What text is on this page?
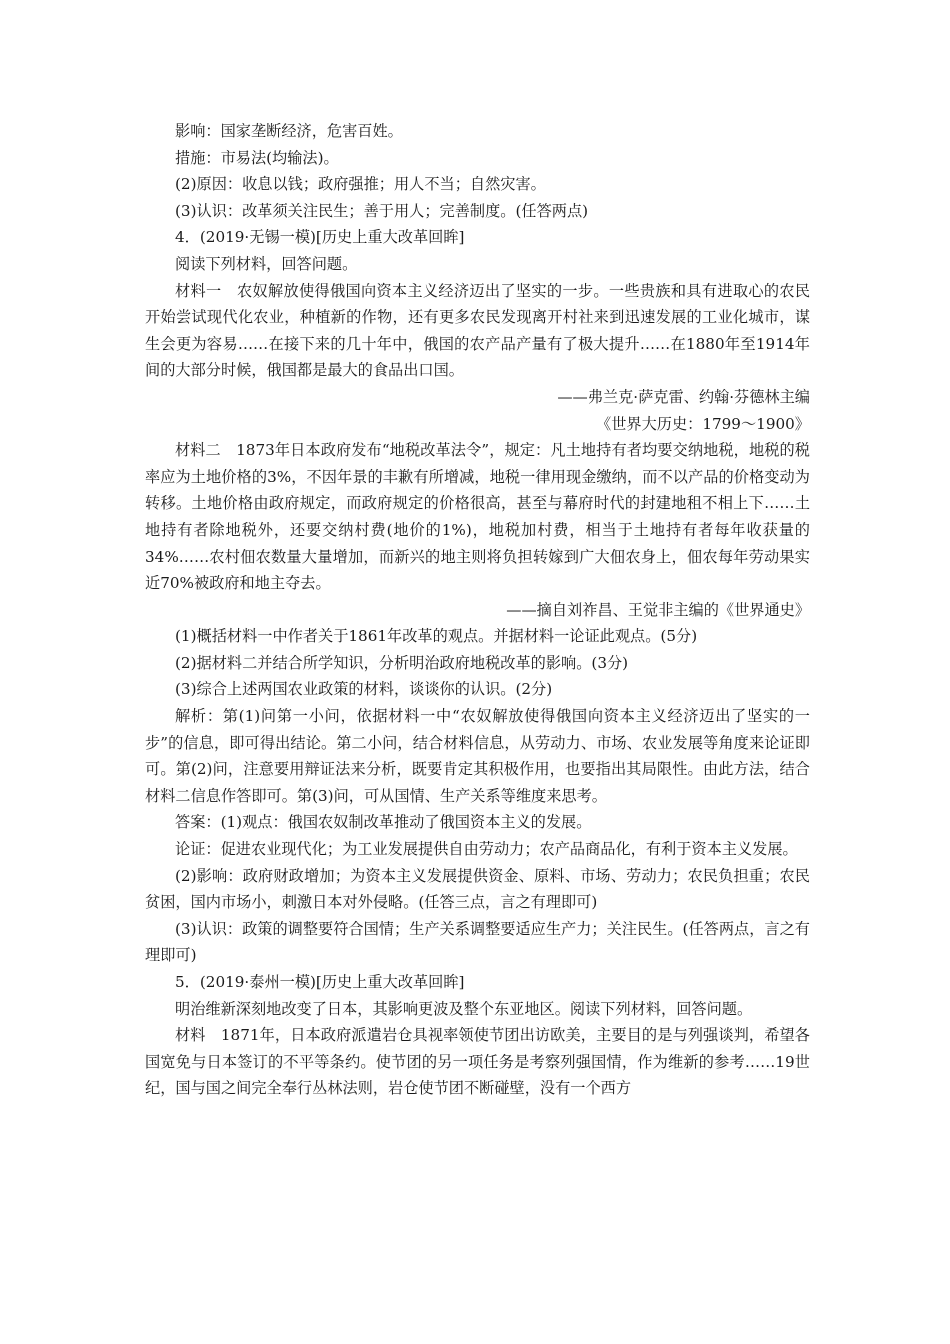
影响：国家垄断经济，危害百姓。

措施：市易法(均输法)。

(2)原因：收息以钱；政府强推；用人不当；自然灾害。

(3)认识：改革须关注民生；善于用人；完善制度。(任答两点)

4．(2019·无锡一模)[历史上重大改革回眸]

阅读下列材料，回答问题。

材料一　农奴解放使得俄国向资本主义经济迈出了坚实的一步。一些贵族和具有进取心的农民开始尝试现代化农业，种植新的作物，还有更多农民发现离开村社来到迅速发展的工业化城市，谋生会更为容易……在接下来的几十年中，俄国的农产品产量有了极大提升……在1880年至1914年间的大部分时候，俄国都是最大的食品出口国。

——弗兰克·萨克雷、约翰·芬德林主编

《世界大历史：1799～1900》

材料二　1873年日本政府发布“地税改革法令”，规定：凡土地持有者均要交纳地税，地税的税率应为土地价格的3%，不因年景的丰歉有所增减，地税一律用现金缴纳，而不以产品的价格变动为转移。土地价格由政府规定，而政府规定的价格很高，甚至与幕府时代的封建地租不相上下……土地持有者除地税外，还要交纳村费(地价的1%)，地税加村费，相当于土地持有者每年收获量的34%……农村佃农数量大量增加，而新兴的地主则将负担转嫁到广大佃农身上，佃农每年劳动果实近70%被政府和地主夺去。

——摘自刘祚昌、王觉非主编的《世界通史》

(1)概括材料一中作者关于1861年改革的观点。并据材料一论证此观点。(5分)

(2)据材料二并结合所学知识，分析明治政府地税改革的影响。(3分)

(3)综合上述两国农业政策的材料，谈谈你的认识。(2分)

解析：第(1)问第一小问，依据材料一中“农奴解放使得俄国向资本主义经济迈出了坚实的一步”的信息，即可得出结论。第二小问，结合材料信息，从劳动力、市场、农业发展等角度来论证即可。第(2)问，注意要用辩证法来分析，既要肯定其积极作用，也要指出其局限性。由此方法，结合材料二信息作答即可。第(3)问，可从国情、生产关系等维度来思考。

答案：(1)观点：俄国农奴制改革推动了俄国资本主义的发展。

论证：促进农业现代化；为工业发展提供自由劳动力；农产品商品化，有利于资本主义发展。

(2)影响：政府财政增加；为资本主义发展提供资金、原料、市场、劳动力；农民负担重；农民贫困，国内市场小，刺激日本对外侵略。(任答三点，言之有理即可)

(3)认识：政策的调整要符合国情；生产关系调整要适应生产力；关注民生。(任答两点，言之有理即可)

5．(2019·泰州一模)[历史上重大改革回眸]

明治维新深刻地改变了日本，其影响更波及整个东亚地区。阅读下列材料，回答问题。

材料　1871年，日本政府派遣岩仓具视率领使节团出访欧美，主要目的是与列强谈判，希望各国宽免与日本签订的不平等条约。使节团的另一项任务是考察列强国情，作为维新的参考……19世纪，国与国之间完全奉行丛林法则，岩仓使节团不断碰壁，没有一个西方
